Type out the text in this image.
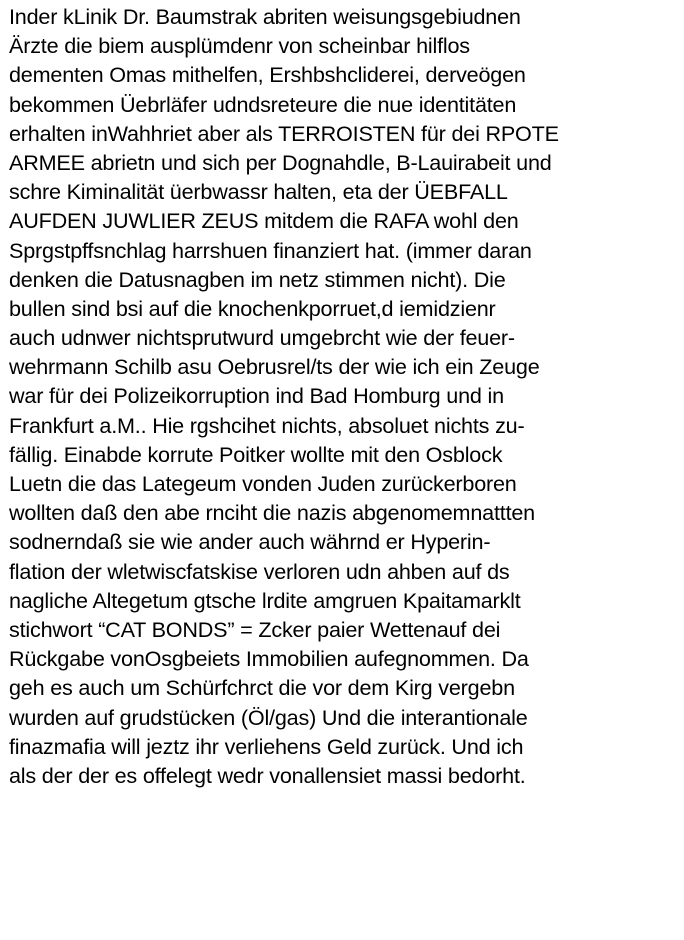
Inder kLinik Dr. Baumstrak abriten weisungsgebiudnen
Ärzte die biem ausplümdenr von scheinbar hilflos
dementen Omas mithelfen, Ershbshcliderei, derveögen
bekommen Üebrläfer udndsreteure die nue identitäten
erhalten inWahhriet aber als TERROISTEN für dei RPOTE
ARMEE abrietn und sich per Dognahdle, B-Lauirabeit und
schre Kiminalität üerbwassr halten, eta der ÜEBFALL
AUFDEN JUWLIER ZEUS mitdem die RAFA wohl den
Sprgstpffsnchlag harrshuen finanziert hat. (immer daran
denken die Datusnagben im netz stimmen nicht). Die
bullen sind bsi auf die knochenkporruet,d iemidzienr
auch udnwer nichtsprutwurd umgebrcht wie der feuer-
wehrmann Schilb asu Oebrusrel/ts der wie ich ein Zeuge
war für dei Polizeikorruption ind Bad Homburg und in
Frankfurt a.M.. Hie rgshcihet nichts, absoluet nichts zu-
fällig. Einabde korrute Poitker wollte mit den Osblock
Luetn die das Lategeum vonden Juden zurückerboren
wollten daß den abe rnciht die nazis abgenomemnattten
sodnerndaß sie wie ander auch währnd er Hyperin-
flation der wletwiscfatskise verloren udn ahben auf ds
nagliche Altegetum gtsche lrdite amgruen Kpaitamarklt
stichwort “CAT BONDS” = Zcker paier Wettenauf dei
Rückgabe vonOsgbeiets Immobilien aufegnommen. Da
geh es auch um Schürfchrct die vor dem Kirg vergebn
wurden auf grudstücken (Öl/gas) Und die interantionale
finazmafia will jeztz ihr verliehens Geld zurück. Und ich
als der der es offelegt wedr vonallensiet massi bedorht.
